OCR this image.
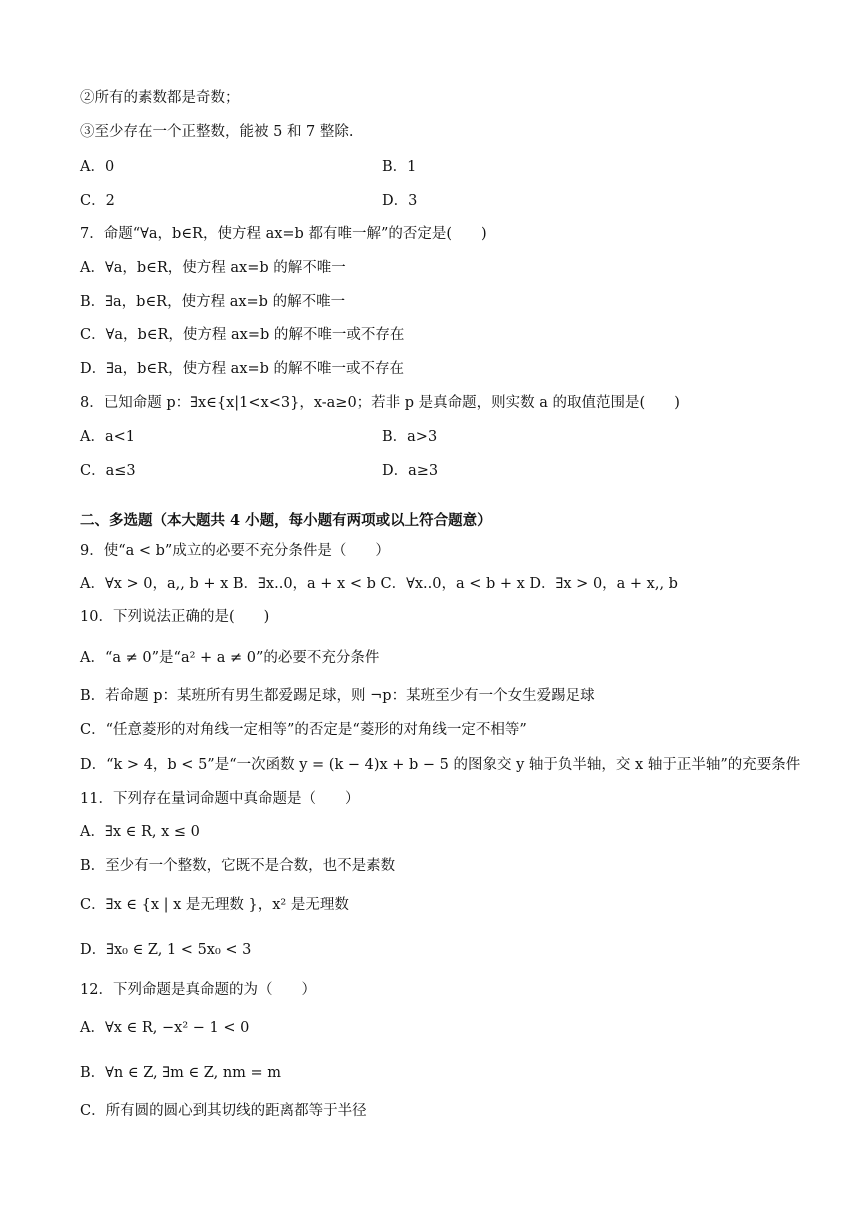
②所有的素数都是奇数；
③至少存在一个正整数，能被 5 和 7 整除.
A．0	B．1
C．2	D．3
7．命题“∀a，b∈R，使方程 ax=b 都有唯一解”的否定是(　　)
A．∀a，b∈R，使方程 ax=b 的解不唯一
B．∃a，b∈R，使方程 ax=b 的解不唯一
C．∀a，b∈R，使方程 ax=b 的解不唯一或不存在
D．∃a，b∈R，使方程 ax=b 的解不唯一或不存在
8．已知命题 p：∃x∈{x|1<x<3}，x-a≥0；若非 p 是真命题，则实数 a 的取值范围是(　　)
A．a<1	B．a>3
C．a≤3	D．a≥3
二、多选题（本大题共 4 小题，每小题有两项或以上符合题意）
9．使“a < b”成立的必要不充分条件是（　　）
A．∀x > 0，a,, b + x B．∃x..0，a + x < b C．∀x..0，a < b + x D．∃x > 0，a + x,, b
10．下列说法正确的是(　　)
A．“a ≠ 0”是“a² + a ≠ 0”的必要不充分条件
B．若命题 p：某班所有男生都爱踢足球，则 ¬p：某班至少有一个女生爱踢足球
C．“任意菱形的对角线一定相等”的否定是“菱形的对角线一定不相等”
D．“k > 4，b < 5”是“一次函数 y = (k − 4)x + b − 5 的图象交 y 轴于负半轴，交 x 轴于正半轴”的充要条件
11．下列存在量词命题中真命题是（　　）
A．∃x ∈ R, x ≤ 0
B．至少有一个整数，它既不是合数，也不是素数
C．∃x ∈ {x | x 是无理数 }，x² 是无理数
D．∃x₀ ∈ Z, 1 < 5x₀ < 3
12．下列命题是真命题的为（　　）
A．∀x ∈ R, −x² − 1 < 0
B．∀n ∈ Z, ∃m ∈ Z, nm = m
C．所有圆的圆心到其切线的距离都等于半径
